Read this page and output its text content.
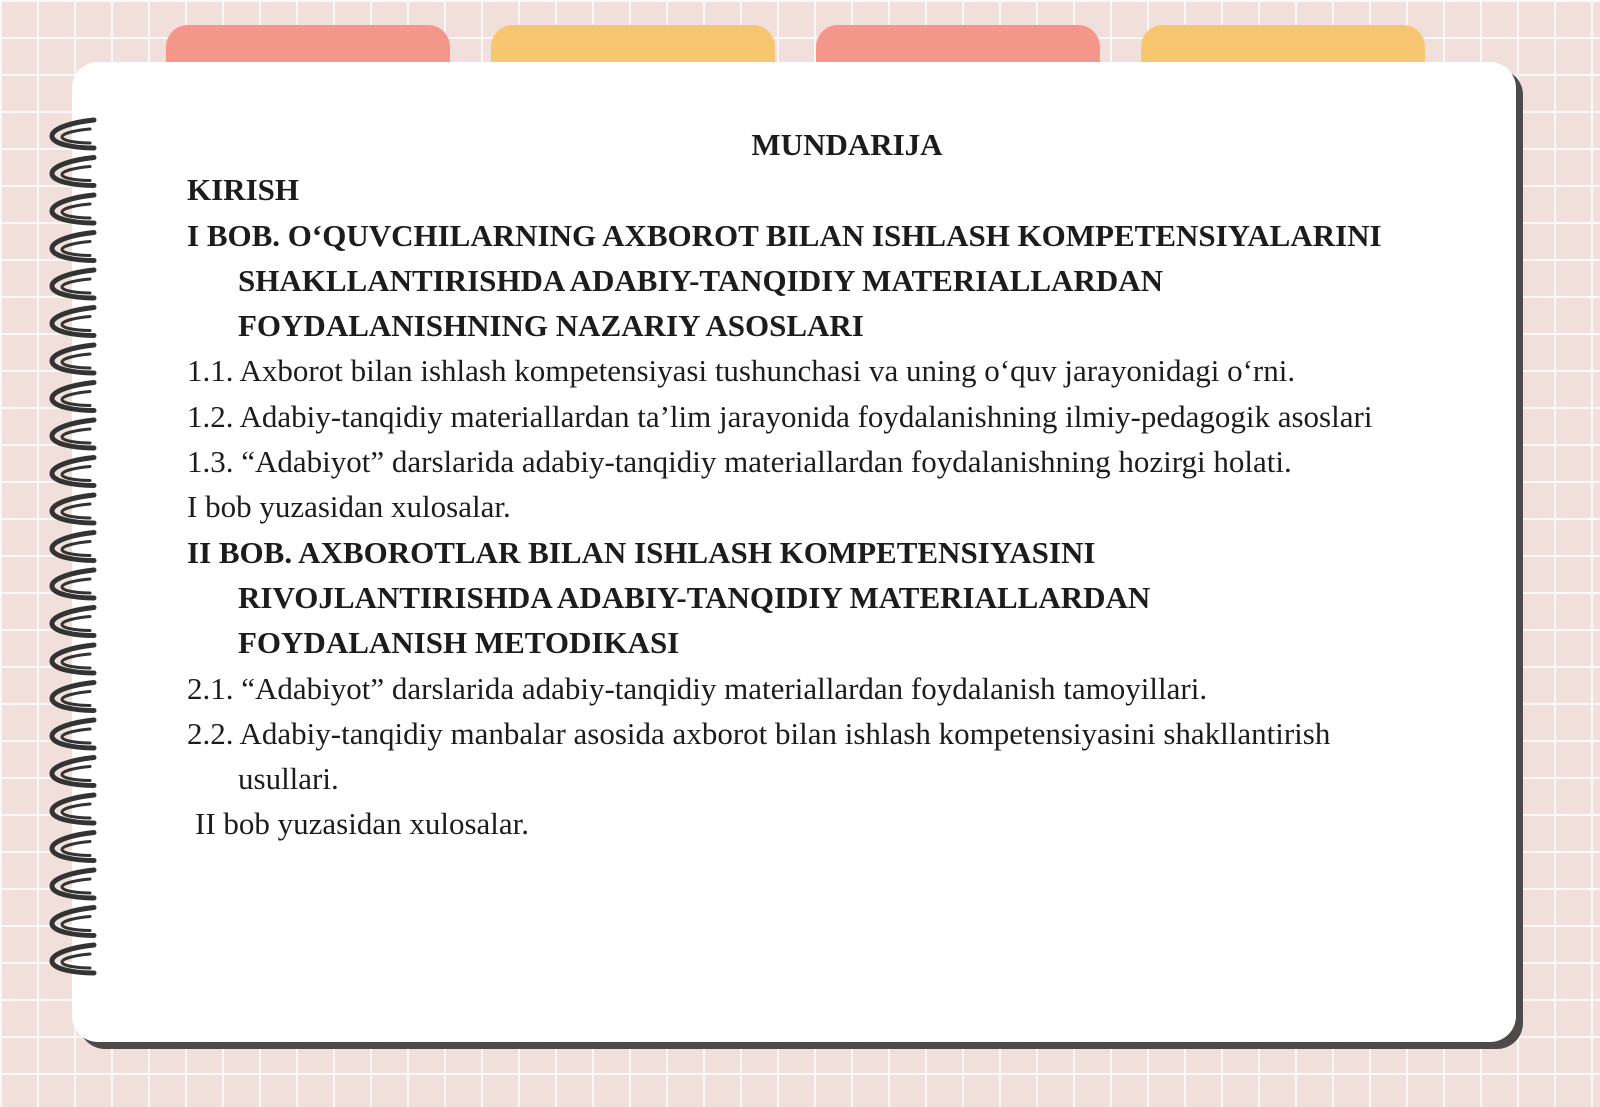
MUNDARIJA

KIRISH

I BOB. O‘QUVCHILARNING AXBOROT BILAN ISHLASH KOMPETENSIYALARINI SHAKLLANTIRISHDA ADABIY-TANQIDIY MATERIALLARDAN FOYDALANISHNING NAZARIY ASOSLARI

1.1. Axborot bilan ishlash kompetensiyasi tushunchasi va uning o‘quv jarayonidagi o‘rni.

1.2. Adabiy-tanqidiy materiallardan ta’lim jarayonida foydalanishning ilmiy-pedagogik asoslari

1.3. “Adabiyot” darslarida adabiy-tanqidiy materiallardan foydalanishning hozirgi holati.

I bob yuzasidan xulosalar.

II BOB. AXBOROTLAR BILAN ISHLASH KOMPETENSIYASINI RIVOJLANTIRISHDA ADABIY-TANQIDIY MATERIALLARDAN FOYDALANISH METODIKASI

2.1. “Adabiyot” darslarida adabiy-tanqidiy materiallardan foydalanish tamoyillari.

2.2. Adabiy-tanqidiy manbalar asosida axborot bilan ishlash kompetensiyasini shakllantirish usullari.

II bob yuzasidan xulosalar.
